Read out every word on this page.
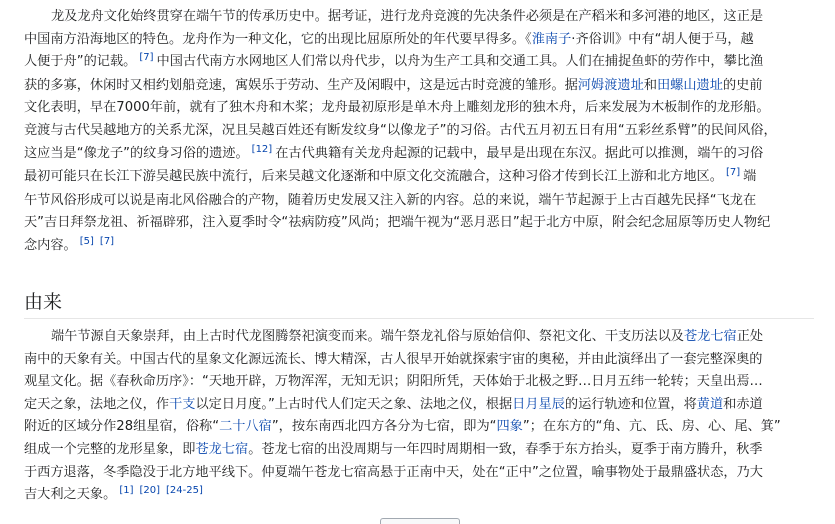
龙及龙舟文化始终贯穿在端午节的传承历史中。据考证，进行龙舟竞渡的先决条件必须是在产稻米和多河港的地区，这正是
中国南方沿海地区的特色。龙舟作为一种文化，它的出现比屈原所处的年代要早得多。《淮南子·齐俗训》中有“胡人便于马，越
人便于舟”的记载。 [7] 中国古代南方水网地区人们常以舟代步，以舟为生产工具和交通工具。人们在捕捉鱼虾的劳作中，攀比渔
获的多寡，休闲时又相约划船竞速，寓娱乐于劳动、生产及闲暇中，这是远古时竞渡的雏形。据河姆渡遗址和田螺山遗址的史前
文化表明，早在7000年前，就有了独木舟和木桨；龙舟最初原形是单木舟上雕刻龙形的独木舟，后来发展为木板制作的龙形船。
竞渡与古代吴越地方的关系尤深，况且吴越百姓还有断发纹身“以像龙子”的习俗。古代五月初五日有用“五彩丝系臂”的民间风俗，
这应当是“像龙子”的纹身习俗的遗迹。 [12] 在古代典籍有关龙舟起源的记载中，最早是出现在东汉。据此可以推测，端午的习俗
最初可能只在长江下游吴越民族中流行，后来吴越文化逐渐和中原文化交流融合，这种习俗才传到长江上游和北方地区。 [7] 端
午节风俗形成可以说是南北风俗融合的产物，随着历史发展又注入新的内容。总的来说，端午节起源于上古百越先民择“飞龙在
天”吉日拜祭龙祖、祈福辟邪，注入夏季时令“祛病防疫”风尚；把端午视为“恶月恶日”起于北方中原，附会纪念屈原等历史人物纪
念内容。 [5] [7]
由来
端午节源自天象崇拜，由上古时代龙图腾祭祀演变而来。端午祭龙礼俗与原始信仰、祭祀文化、干支历法以及苍龙七宿正处
南中的天象有关。中国古代的星象文化源远流长、博大精深，古人很早开始就探索宇宙的奥秘，并由此演绎出了一套完整深奥的
观星文化。据《春秋命历序》：“天地开辟，万物浑浑，无知无识；阴阳所凭，天体始于北极之野…日月五纬一轮转；天皇出焉…
定天之象，法地之仪，作干支以定日月度。”上古时代人们定天之象、法地之仪，根据日月星辰的运行轨迹和位置，将黄道和赤道
附近的区域分作28组星宿，俗称“二十八宿”，按东南西北四方各分为七宿，即为“四象”；在东方的“角、亢、氐、房、心、尾、箕”
组成一个完整的龙形星象，即苍龙七宿。苍龙七宿的出没周期与一年四时周期相一致，春季于东方抬头，夏季于南方腾升，秋季
于西方退落，冬季隐没于北方地平线下。仲夏端午苍龙七宿高悬于正南中天，处在“正中”之位置，喻事物处于最鼎盛状态，乃大
吉大利之天象。 [1] [20] [24-25]
